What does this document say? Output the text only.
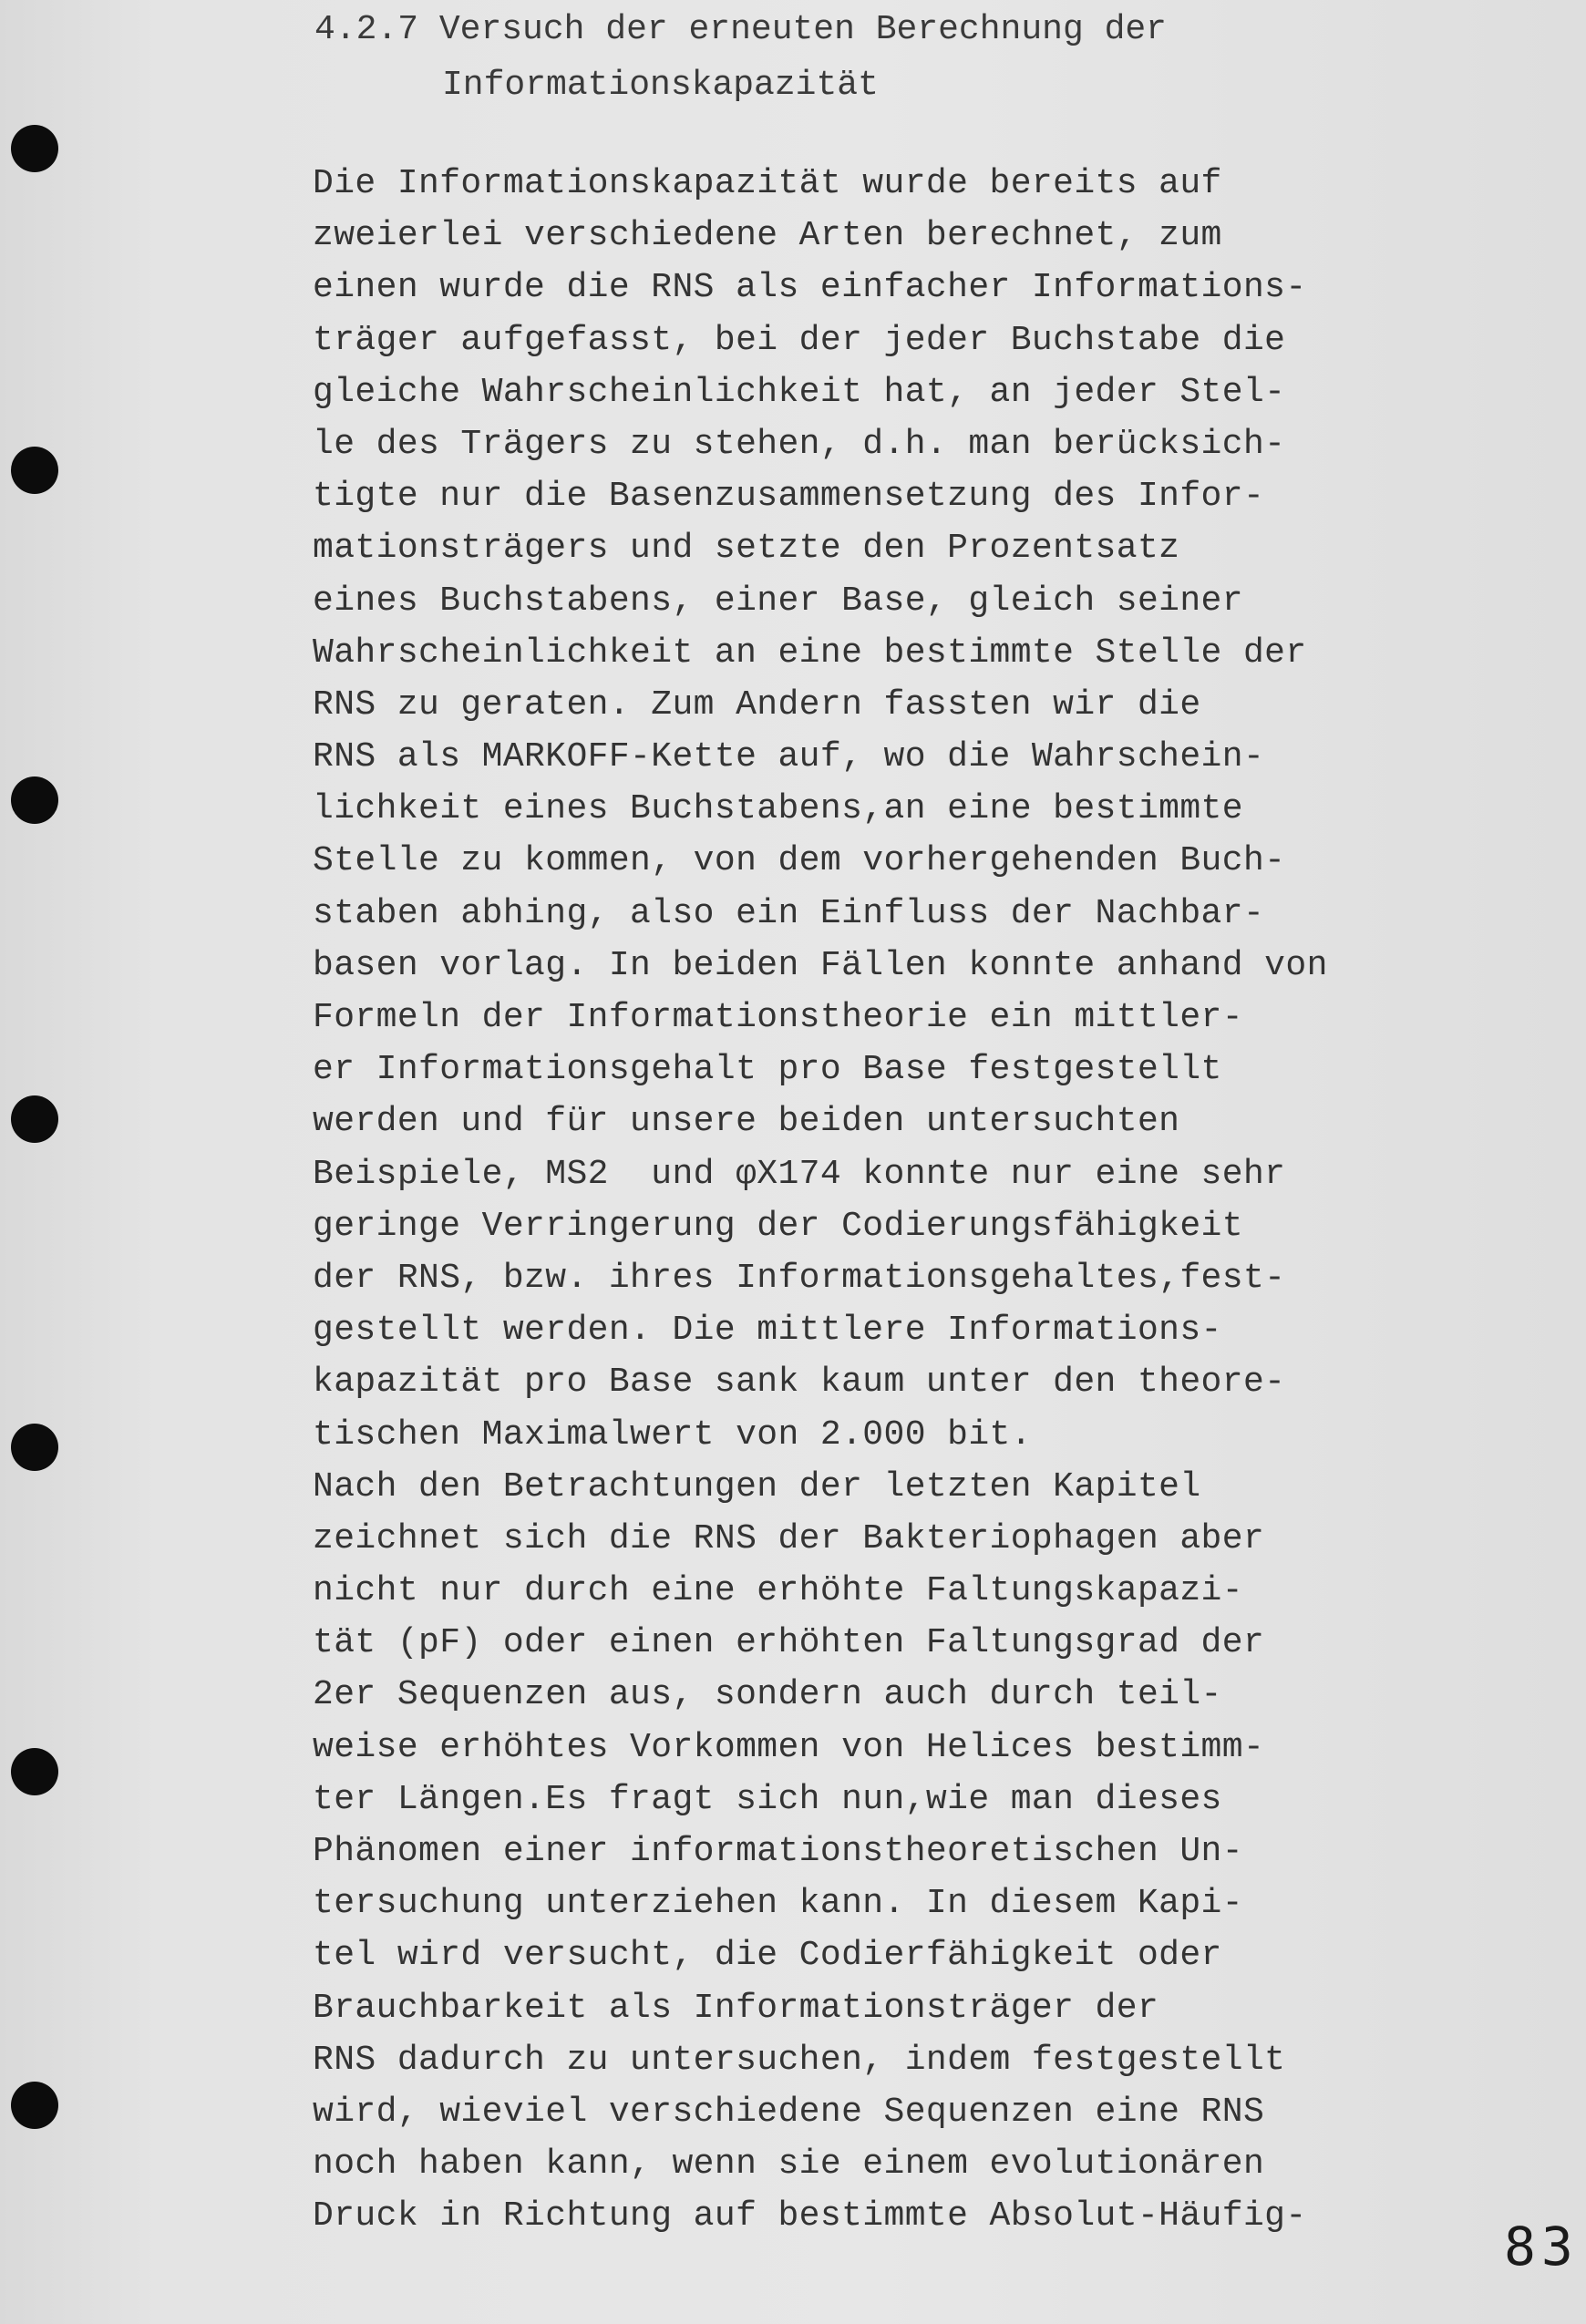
4.2.7 Versuch der erneuten Berechnung der
Informationskapazität
Die Informationskapazität wurde bereits auf
zweierlei verschiedene Arten berechnet, zum
einen wurde die RNS als einfacher Informations-
träger aufgefasst, bei der jeder Buchstabe die
gleiche Wahrscheinlichkeit hat, an jeder Stel-
le des Trägers zu stehen, d.h. man berücksich-
tigte nur die Basenzusammensetzung des Infor-
mationsträgers und setzte den Prozentsatz
eines Buchstabens, einer Base, gleich seiner
Wahrscheinlichkeit an eine bestimmte Stelle der
RNS zu geraten. Zum Andern fassten wir die
RNS als MARKOFF-Kette auf, wo die Wahrschein-
lichkeit eines Buchstabens,an eine bestimmte
Stelle zu kommen, von dem vorhergehenden Buch-
staben abhing, also ein Einfluss der Nachbar-
basen vorlag. In beiden Fällen konnte anhand von
Formeln der Informationstheorie ein mittler-
er Informationsgehalt pro Base festgestellt
werden und für unsere beiden untersuchten
Beispiele, MS2  und φX174 konnte nur eine sehr
geringe Verringerung der Codierungsfähigkeit
der RNS, bzw. ihres Informationsgehaltes,fest-
gestellt werden. Die mittlere Informations-
kapazität pro Base sank kaum unter den theore-
tischen Maximalwert von 2.000 bit.
Nach den Betrachtungen der letzten Kapitel
zeichnet sich die RNS der Bakteriophagen aber
nicht nur durch eine erhöhte Faltungskapazi-
tät (pF) oder einen erhöhten Faltungsgrad der
2er Sequenzen aus, sondern auch durch teil-
weise erhöhtes Vorkommen von Helices bestimm-
ter Längen.Es fragt sich nun,wie man dieses
Phänomen einer informationstheoretischen Un-
tersuchung unterziehen kann. In diesem Kapi-
tel wird versucht, die Codierfähigkeit oder
Brauchbarkeit als Informationsträger der
RNS dadurch zu untersuchen, indem festgestellt
wird, wieviel verschiedene Sequenzen eine RNS
noch haben kann, wenn sie einem evolutionären
Druck in Richtung auf bestimmte Absolut-Häufig-	83
